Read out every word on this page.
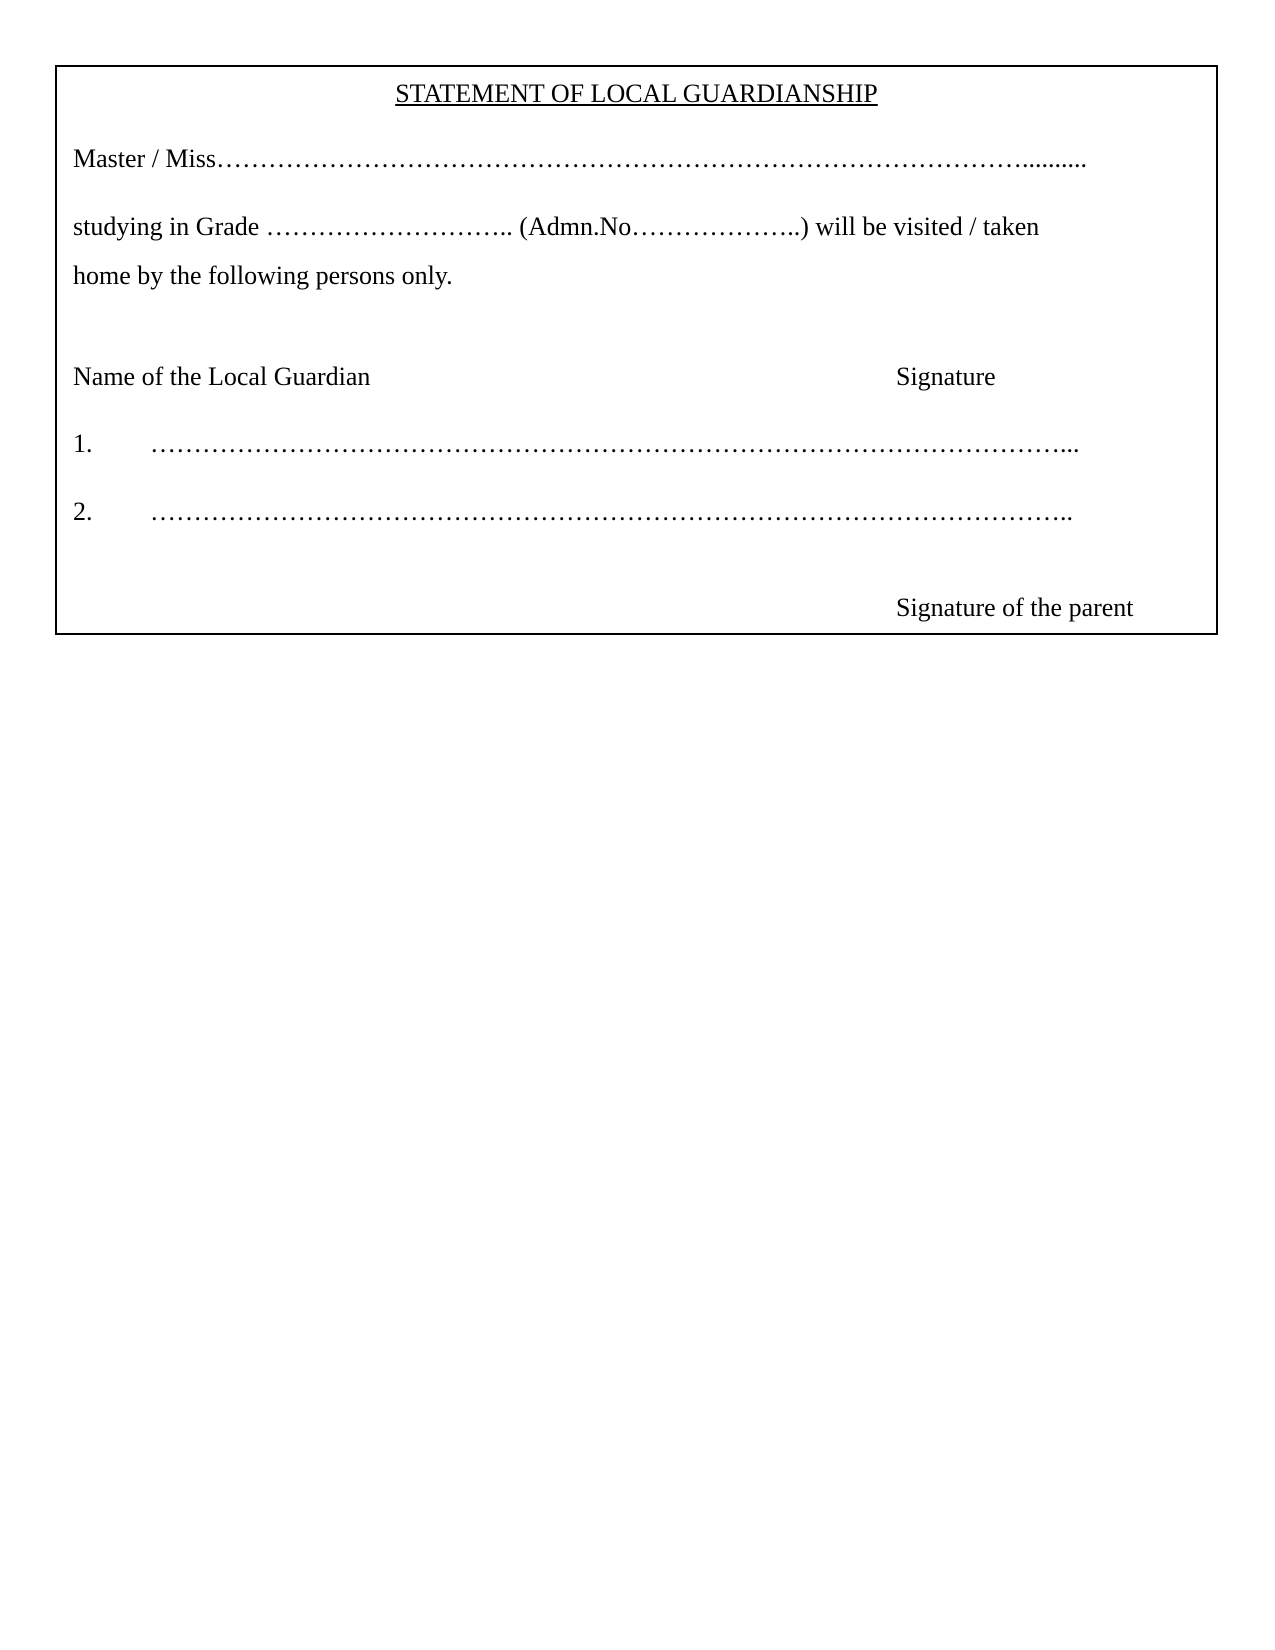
STATEMENT OF LOCAL GUARDIANSHIP
Master / Miss…………………………………………………………………………………..........
studying in Grade ……………………….. (Admn.No………………..) will be visited / taken
home by the following persons only.
Name of the Local Guardian	Signature
1. ……………………………………………………………………………………………...
2. ……………………………………………………………………………………………..
Signature of the parent
